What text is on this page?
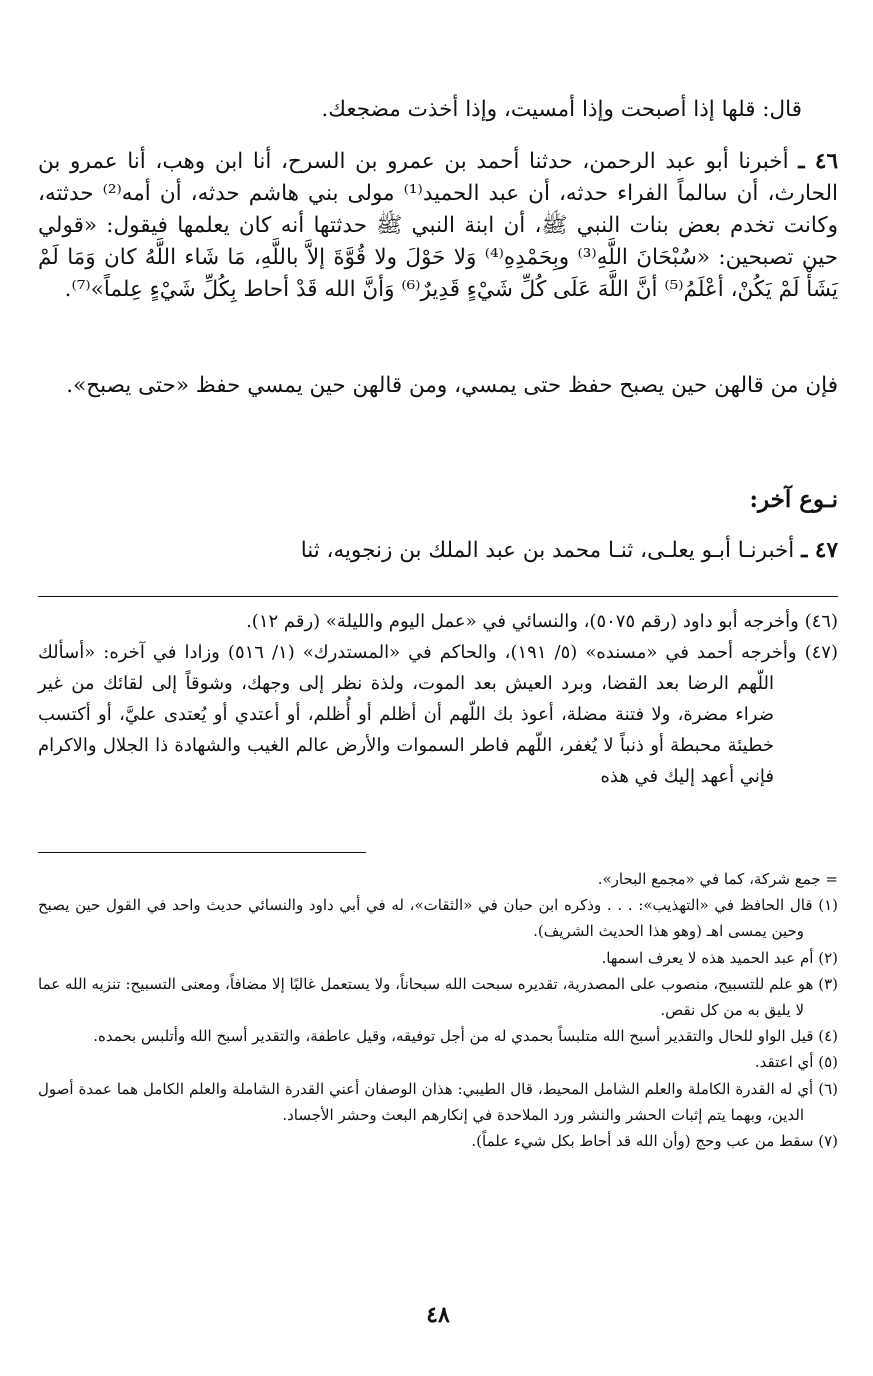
قال: قلها إذا أصبحت وإذا أمسيت، وإذا أخذت مضجعك.

٤٦ ـ أخبرنا أبو عبد الرحمن، حدثنا أحمد بن عمرو بن السرح، أنا ابن وهب، أنا عمرو بن الحارث، أن سالماً الفراء حدثه، أن عبد الحميد⁽¹⁾ مولى بني هاشم حدثه، أن أمه⁽²⁾ حدثته، وكانت تخدم بعض بنات النبي ﷺ، أن ابنة النبي ﷺ حدثتها أنه كان يعلمها فيقول: «قولي حين تصبحين: «سُبْحَانَ اللَّهِ⁽³⁾ وبِحَمْدِهِ⁽⁴⁾ وَلا حَوْلَ ولا قُوَّةَ إلاَّ باللَّهِ، مَا شَاء اللَّهُ كان وَمَا لَمْ يَشَأْ لَمْ يَكُنْ، أعْلَمُ⁽⁵⁾ أنَّ اللَّهَ عَلَى كُلِّ شَيْءٍ قَدِيرٌ⁽⁶⁾ وَأنَّ الله قَدْ أحاط بِكُلِّ شَيْءٍ عِلماً»⁽⁷⁾.

فإن من قالهن حين يصبح حفظ حتى يمسي، ومن قالهن حين يمسي حفظ «حتى يصبح».

نـوع آخر:

٤٧ ـ أخبرنـا أبـو يعلـى، ثنـا محمد بن عبد الملك بن زنجويه، ثنا

(٤٦) وأخرجه أبو داود (رقم ٥٠٧٥)، والنسائي في «عمل اليوم والليلة» (رقم ١٢).

(٤٧) وأخرجه أحمد في «مسنده» (٥/ ١٩١)، والحاكم في «المستدرك» (١/ ٥١٦) وزادا في آخره: «أسألك اللّهم الرضا بعد القضا، وبرد العيش بعد الموت، ولذة نظر إلى وجهك، وشوقاً إلى لقائك من غير ضراء مضرة، ولا فتنة مضلة، أعوذ بك اللّهم أن أظلم أو أُظلم، أو أعتدي أو يُعتدى عليَّ، أو أكتسب خطيئة محبطة أو ذنباً لا يُغفر، اللّهم فاطر السموات والأرض عالم الغيب والشهادة ذا الجلال والاكرام فإني أعهد إليك في هذه

= جمع شركة، كما في «مجمع البحار».

(١) قال الحافظ في «التهذيب»: . . . وذكره ابن حبان في «الثقات»، له في أبي داود والنسائي حديث واحد في القول حين يصبح وحين يمسى اهـ (وهو هذا الحديث الشريف).

(٢) أم عبد الحميد هذه لا يعرف اسمها.

(٣) هو علم للتسبيح، منصوب على المصدرية، تقديره سبحت الله سبحاناً، ولا يستعمل غالبًا إلا مضافاً، ومعنى التسبيح: تنزيه الله عما لا يليق به من كل نقص.

(٤) قيل الواو للحال والتقدير أسبح الله متلبساً بحمدي له من أجل توفيقه، وقيل عاطفة، والتقدير أسبح الله وأتلبس بحمده.

(٥) أي اعتقد.

(٦) أي له القدرة الكاملة والعلم الشامل المحيط، قال الطيبي: هذان الوصفان أعني القدرة الشاملة والعلم الكامل هما عمدة أصول الدين، وبهما يتم إثبات الحشر والنشر ورد الملاحدة في إنكارهم البعث وحشر الأجساد.

(٧) سقط من عب وحج (وأن الله قد أحاط بكل شيء علماً).

٤٨
